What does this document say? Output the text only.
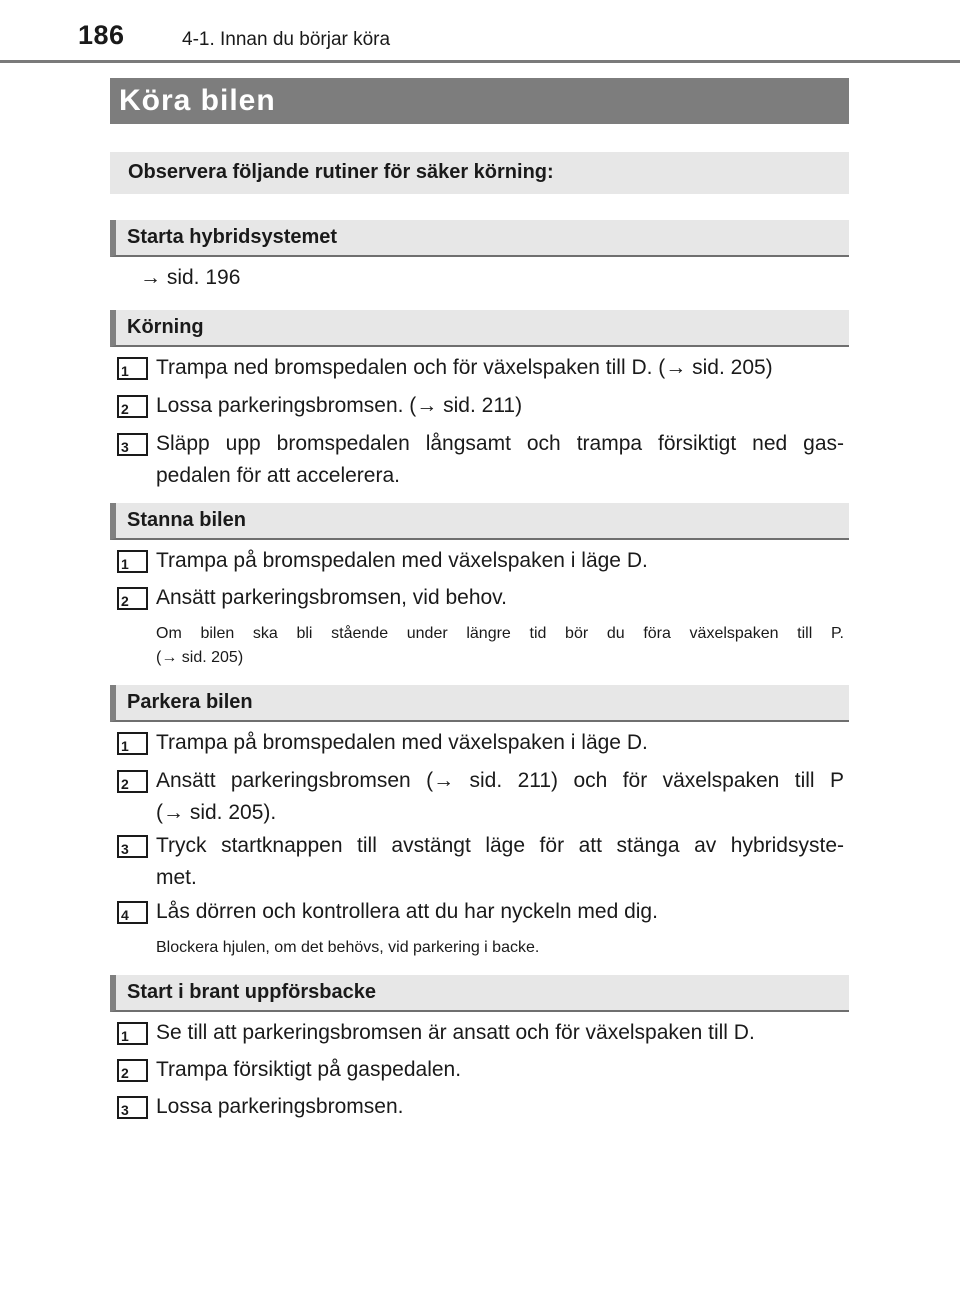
186	4-1. Innan du börjar köra
Köra bilen
Observera följande rutiner för säker körning:
Starta hybridsystemet
→ sid. 196
Körning
1 Trampa ned bromspedalen och för växelspaken till D. (→ sid. 205)
2 Lossa parkeringsbromsen. (→ sid. 211)
3 Släpp upp bromspedalen långsamt och trampa försiktigt ned gas-
pedalen för att accelerera.
Stanna bilen
1 Trampa på bromspedalen med växelspaken i läge D.
2 Ansätt parkeringsbromsen, vid behov.
Om bilen ska bli stående under längre tid bör du föra växelspaken till P.
(→ sid. 205)
Parkera bilen
1 Trampa på bromspedalen med växelspaken i läge D.
2 Ansätt parkeringsbromsen (→ sid. 211) och för växelspaken till P
(→ sid. 205).
3 Tryck startknappen till avstängt läge för att stänga av hybridsyste-
met.
4 Lås dörren och kontrollera att du har nyckeln med dig.
Blockera hjulen, om det behövs, vid parkering i backe.
Start i brant uppförsbacke
1 Se till att parkeringsbromsen är ansatt och för växelspaken till D.
2 Trampa försiktigt på gaspedalen.
3 Lossa parkeringsbromsen.
